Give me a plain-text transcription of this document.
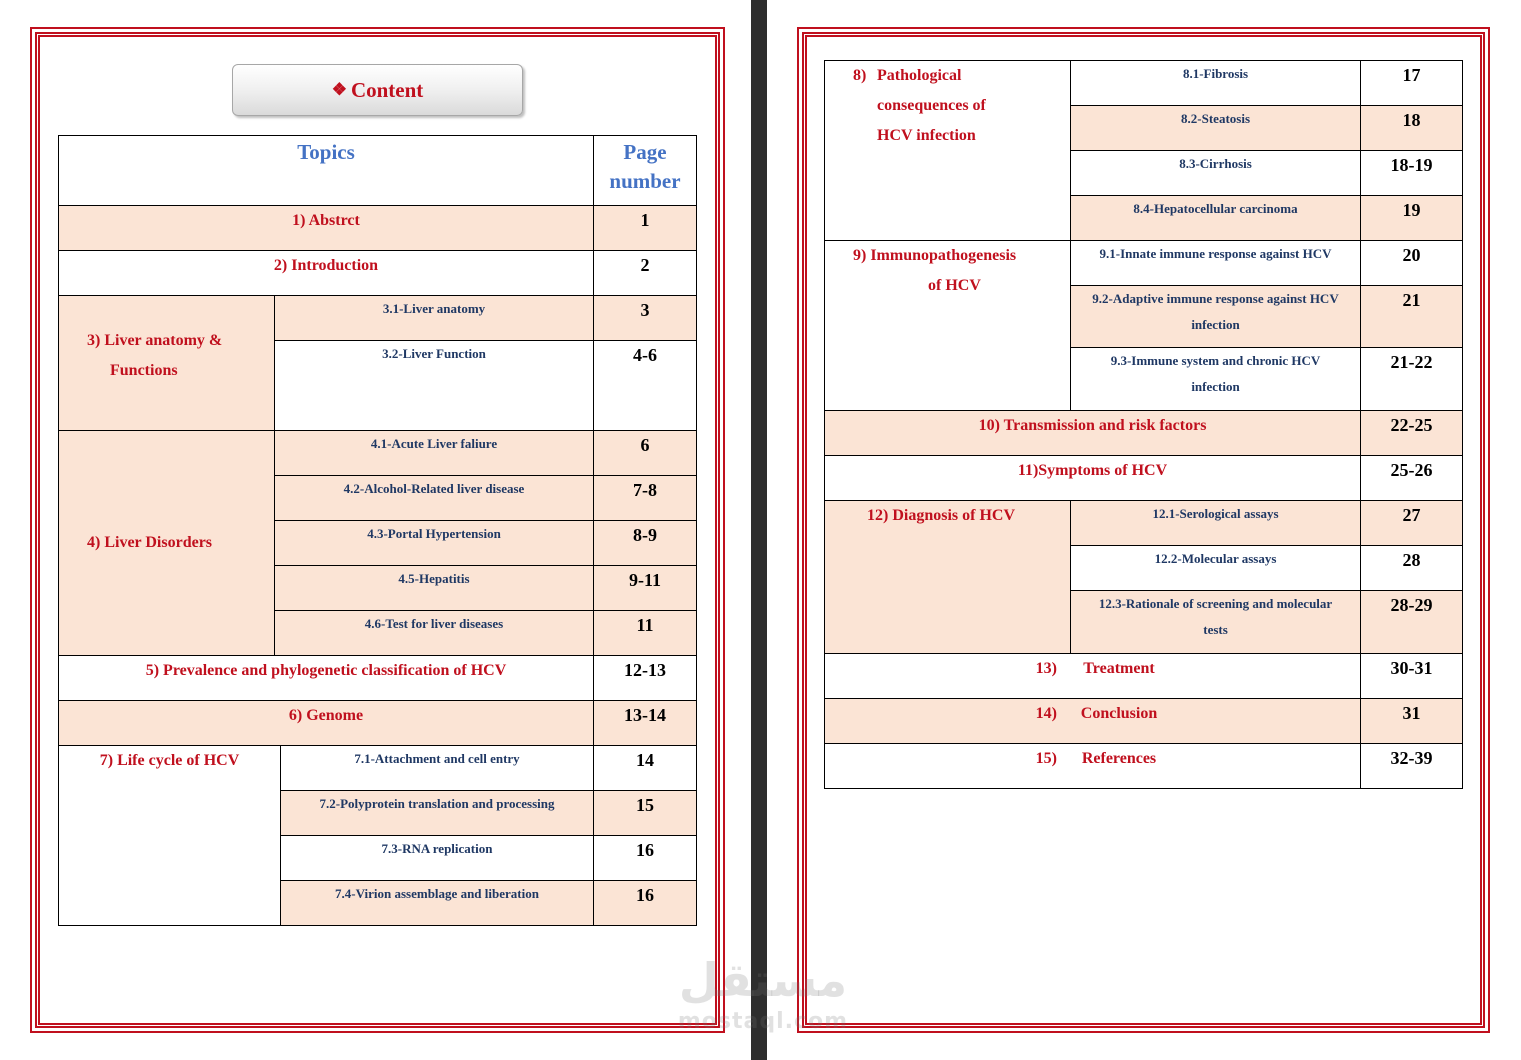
❖ Content
Topics			Page number
1) Abstrct			1
2) Introduction			2

3) Liver anatomy &
Functions	3.1-Liver anatomy		3
	3.2-Liver Function		4-6
4) Liver Disorders	4.1-Acute Liver faliure		6
	4.2-Alcohol-Related liver disease		7-8
	4.3-Portal Hypertension		8-9
	4.5-Hepatitis		9-11
	4.6-Test for liver diseases		11
5) Prevalence and phylogenetic classification of HCV			12-13
6) Genome			13-14
7) Life cycle of HCV		7.1-Attachment and cell entry	14
		7.2-Polyprotein translation and processing	15
		7.3-RNA replication	16
		7.4-Virion assemblage and liberation	16
8) Pathological
consequences of
HCV infection	8.1-Fibrosis	17
	8.2-Steatosis	18
	8.3-Cirrhosis	18-19
	8.4-Hepatocellular carcinoma	19

9) Immunopathogenesis
of HCV	9.1-Innate immune response against HCV	20

	9.2-Adaptive immune response against HCV
infection	21

	9.3-Immune system and chronic HCV
infection	21-22
10) Transmission and risk factors		22-25
11)Symptoms of HCV		25-26
12) Diagnosis of HCV	12.1-Serological assays	27

	12.2-Molecular assays	28

	12.3-Rationale of screening and molecular
tests	28-29
13) Treatment		30-31
14) Conclusion		31
15) References		32-39
مستقل
mostaql.com
